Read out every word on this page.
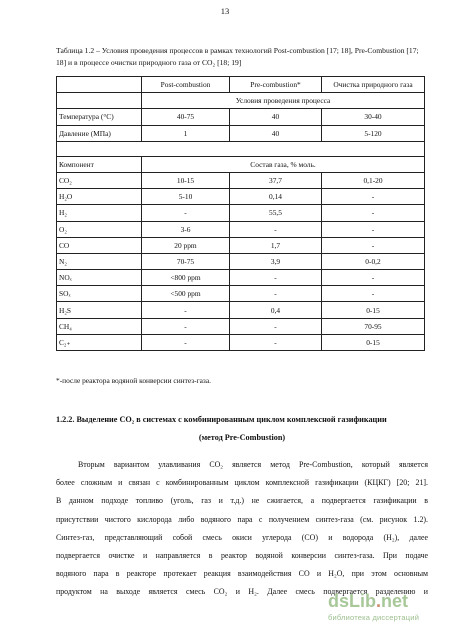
13
Таблица 1.2 – Условия проведения процессов в рамках технологий Post-combustion [17; 18], Pre-Combustion [17; 18] и в процессе очистки природного газа от CO₂ [18; 19]
	Post-combustion	Pre-combustion*	Очистка природного газа
	Условия проведения процесса		
Температура (°С)	40-75	40	30-40
Давление (МПа)	1	40	5-120

Компонент	Состав газа, % моль.		
CO₂	10-15	37,7	0,1-20
H₂O	5-10	0,14	-
H₂	-	55,5	-
O₂	3-6	-	-
CO	20 ppm	1,7	-
N₂	70-75	3,9	0-0,2
NOₓ	<800 ppm	-	-
SOₓ	<500 ppm	-	-
H₂S	-	0,4	0-15
CH₄	-	-	70-95
C₂₊	-	-	0-15
*-после реактора водяной конверсии синтез-газа.
1.2.2. Выделение CO₂ в системах с комбинированным циклом комплексной газификации
(метод Pre-Combustion)
Вторым вариантом улавливания CO₂ является метод Pre-Combustion, который является
более сложным и связан с комбинированным циклом комплексной газификации (КЦКГ) [20; 21].
В данном подходе топливо (уголь, газ и т.д.) не сжигается, а подвергается газификации в
присутствии чистого кислорода либо водяного пара с получением синтез-газа (см. рисунок 1.2).
Синтез-газ, представляющий собой смесь окиси углерода (CO) и водорода (H₂), далее
подвергается очистке и направляется в реактор водяной конверсии синтез-газа. При подаче
водяного пара в реакторе протекает реакция взаимодействия CO и H₂O, при этом основным
продуктом на выходе является смесь CO₂ и H₂. Далее смесь подвергается разделению и
dsLib . net
библиотека диссертаций
